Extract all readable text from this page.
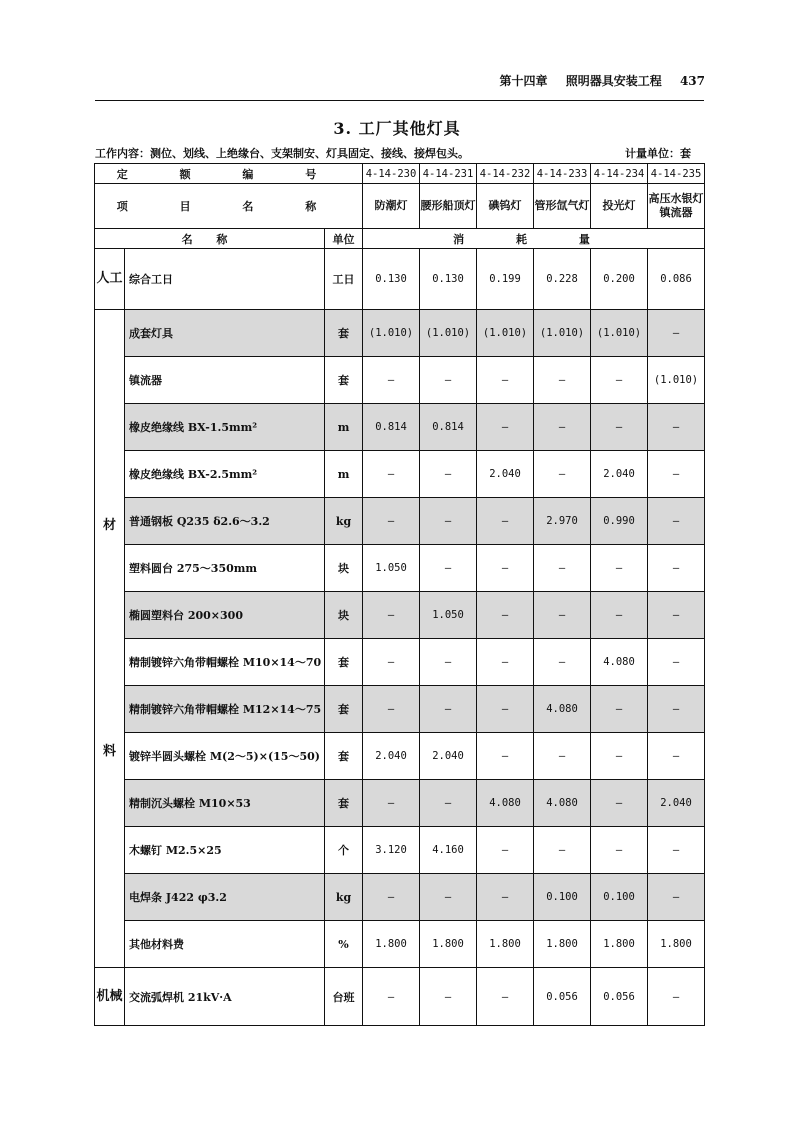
第十四章 照明器具安装工程 437
3. 工厂其他灯具
工作内容：测位、划线、上绝缘台、支架制安、灯具固定、接线、接焊包头。	计量单位：套
定 额 编 号			4-14-230	4-14-231	4-14-232	4-14-233	4-14-234	4-14-235
项 目 名 称			防潮灯	腰形船顶灯	碘钨灯	管形氙气灯	投光灯	高压水银灯镇流器
名 称		单位	消 耗 量					
人工	综合工日	工日	0.130	0.130	0.199	0.228	0.200	0.086

材
料	成套灯具	套	(1.010)	(1.010)	(1.010)	(1.010)	(1.010)	—
	镇流器	套	—	—	—	—	—	(1.010)
	橡皮绝缘线 BX-1.5mm²	m	0.814	0.814	—	—	—	—
	橡皮绝缘线 BX-2.5mm²	m	—	—	2.040	—	2.040	—
	普通钢板 Q235 δ2.6～3.2	kg	—	—	—	2.970	0.990	—
	塑料圆台 275～350mm	块	1.050	—	—	—	—	—
	椭圆塑料台 200×300	块	—	1.050	—	—	—	—
	精制镀锌六角带帽螺栓 M10×14～70	套	—	—	—	—	4.080	—
	精制镀锌六角带帽螺栓 M12×14～75	套	—	—	—	4.080	—	—
	镀锌半圆头螺栓 M(2～5)×(15～50)	套	2.040	2.040	—	—	—	—
	精制沉头螺栓 M10×53	套	—	—	4.080	4.080	—	2.040
	木螺钉 M2.5×25	个	3.120	4.160	—	—	—	—
	电焊条 J422 φ3.2	kg	—	—	—	0.100	0.100	—
	其他材料费	%	1.800	1.800	1.800	1.800	1.800	1.800
机械	交流弧焊机 21kV·A	台班	—	—	—	0.056	0.056	—
